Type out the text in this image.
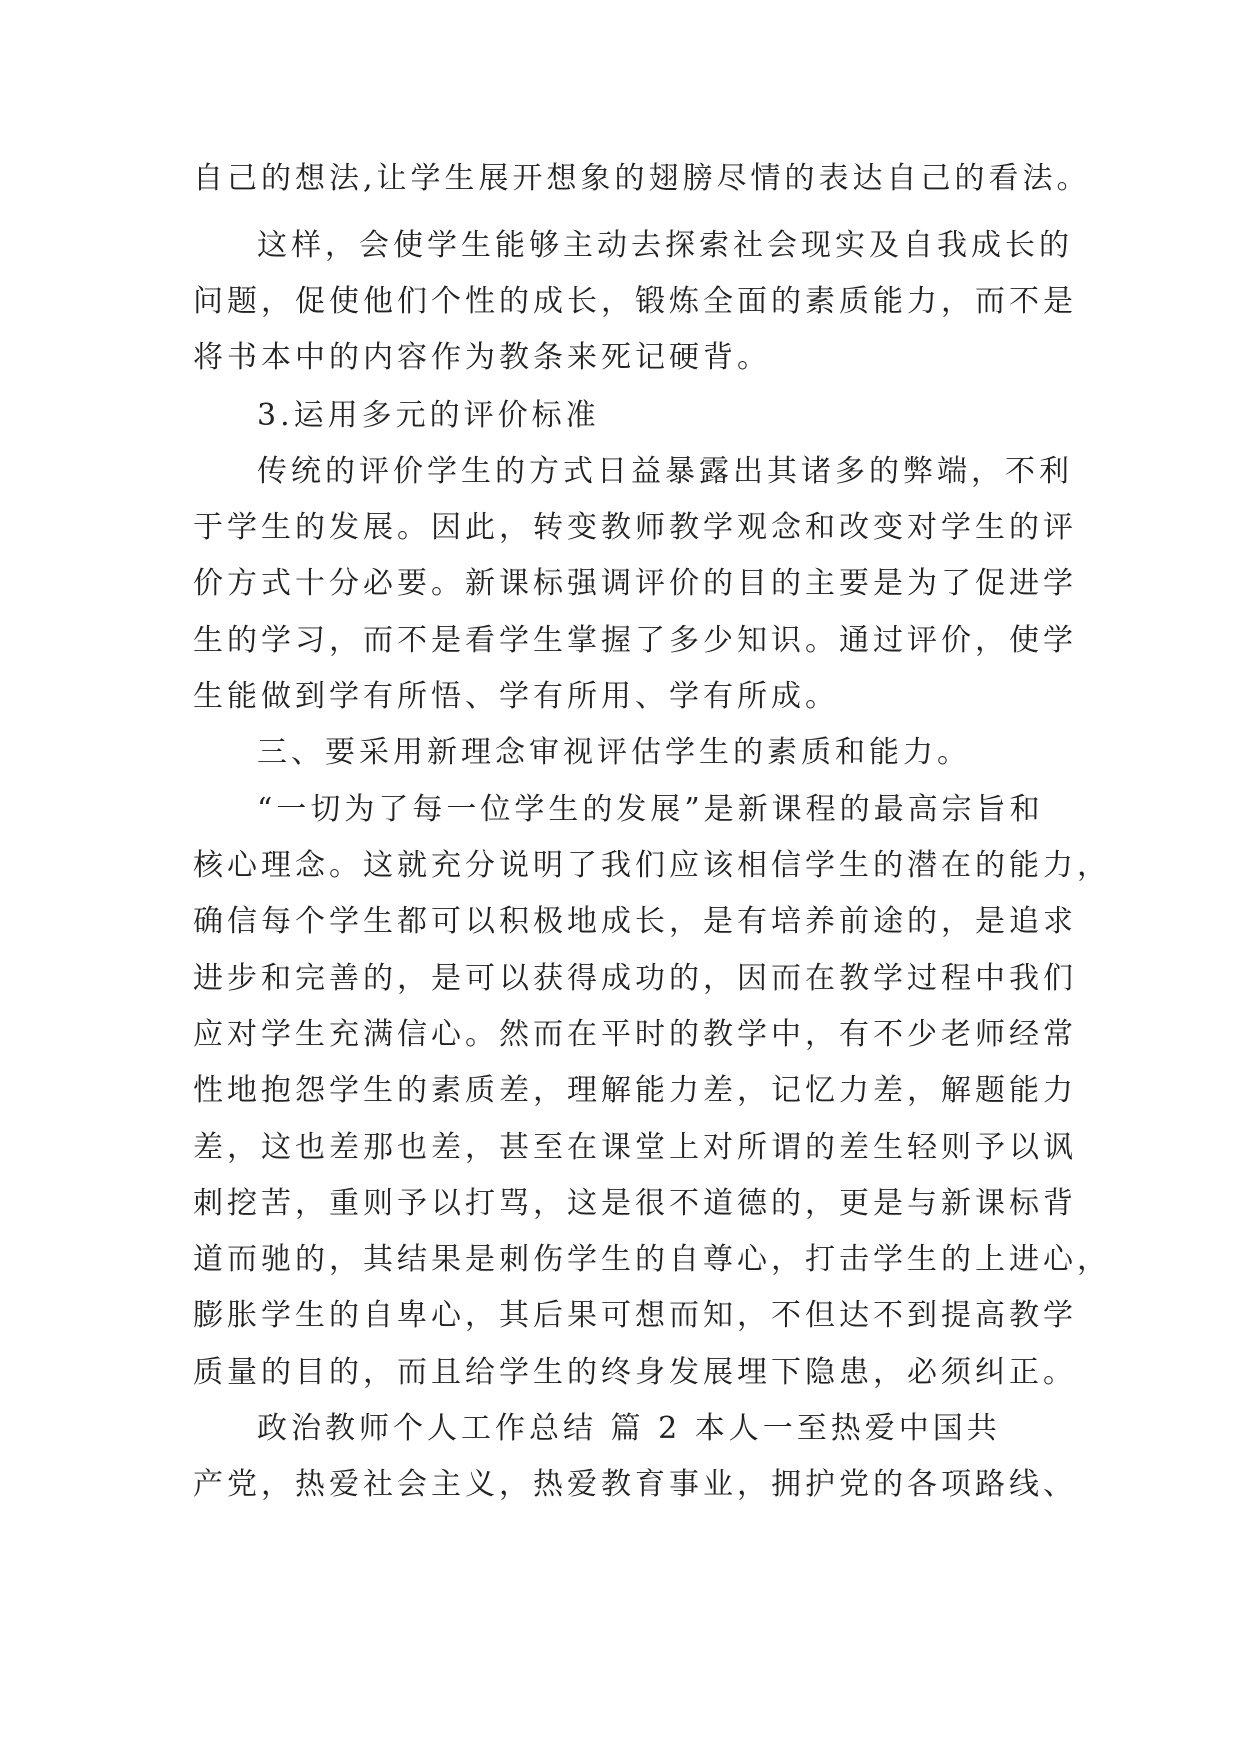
自己的想法,让学生展开想象的翅膀尽情的表达自己的看法。
这样，会使学生能够主动去探索社会现实及自我成长的
问题，促使他们个性的成长，锻炼全面的素质能力，而不是
将书本中的内容作为教条来死记硬背。
3.运用多元的评价标准
传统的评价学生的方式日益暴露出其诸多的弊端，不利
于学生的发展。因此，转变教师教学观念和改变对学生的评
价方式十分必要。新课标强调评价的目的主要是为了促进学
生的学习，而不是看学生掌握了多少知识。通过评价，使学
生能做到学有所悟、学有所用、学有所成。
三、要采用新理念审视评估学生的素质和能力。
“一切为了每一位学生的发展”是新课程的最高宗旨和
核心理念。这就充分说明了我们应该相信学生的潜在的能力，
确信每个学生都可以积极地成长，是有培养前途的，是追求
进步和完善的，是可以获得成功的，因而在教学过程中我们
应对学生充满信心。然而在平时的教学中，有不少老师经常
性地抱怨学生的素质差，理解能力差，记忆力差，解题能力
差，这也差那也差，甚至在课堂上对所谓的差生轻则予以讽
刺挖苦，重则予以打骂，这是很不道德的，更是与新课标背
道而驰的，其结果是刺伤学生的自尊心，打击学生的上进心，
膨胀学生的自卑心，其后果可想而知，不但达不到提高教学
质量的目的，而且给学生的终身发展埋下隐患，必须纠正。
政治教师个人工作总结 篇 2 本人一至热爱中国共
产党，热爱社会主义，热爱教育事业，拥护党的各项路线、
